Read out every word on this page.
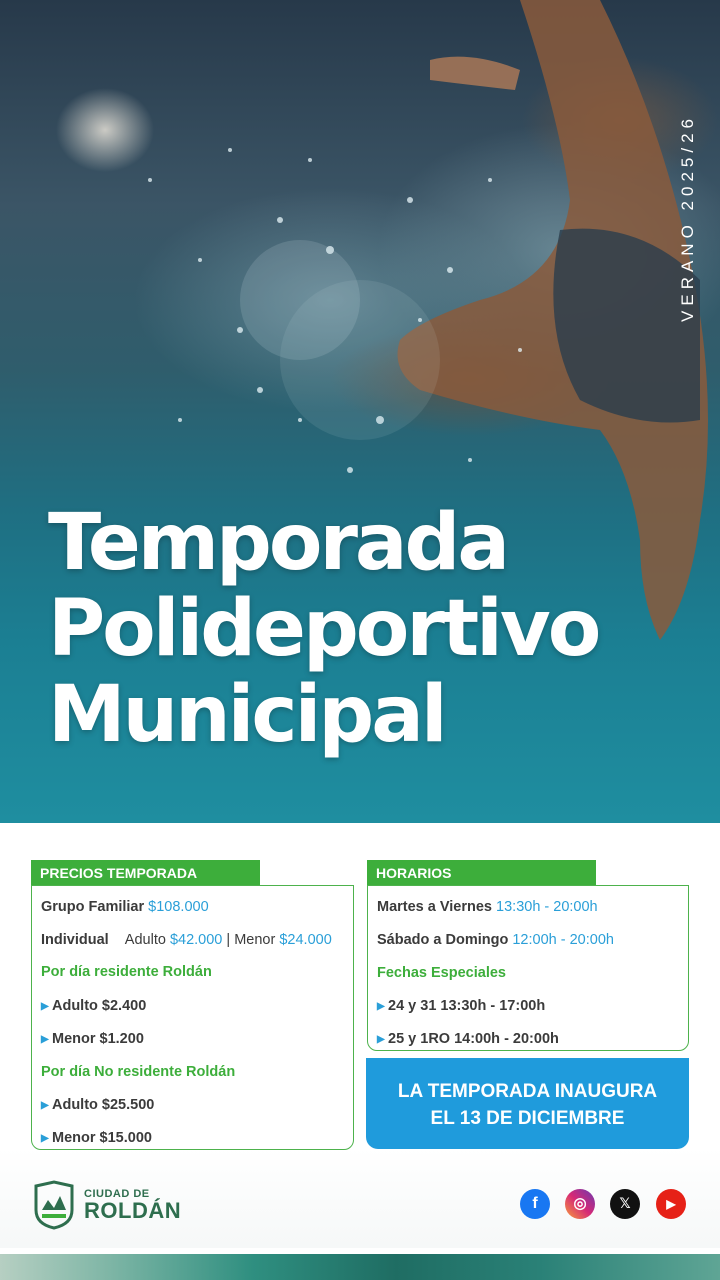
VERANO 2025/26
Temporada
Polideportivo
Municipal
PRECIOS TEMPORADA
Grupo Familiar $108.000
Individual Adulto $42.000 | Menor $24.000
Por día residente Roldán
▶ Adulto $2.400
▶ Menor $1.200
Por día No residente Roldán
▶ Adulto $25.500
▶ Menor $15.000
HORARIOS
Martes a Viernes 13:30h - 20:00h
Sábado a Domingo 12:00h - 20:00h
Fechas Especiales
▶ 24 y 31 13:30h - 17:00h
▶ 25 y 1RO 14:00h - 20:00h
LA TEMPORADA INAUGURA
EL 13 DE DICIEMBRE
CIUDAD DE
ROLDÁN	f	◎	𝕏	▶
